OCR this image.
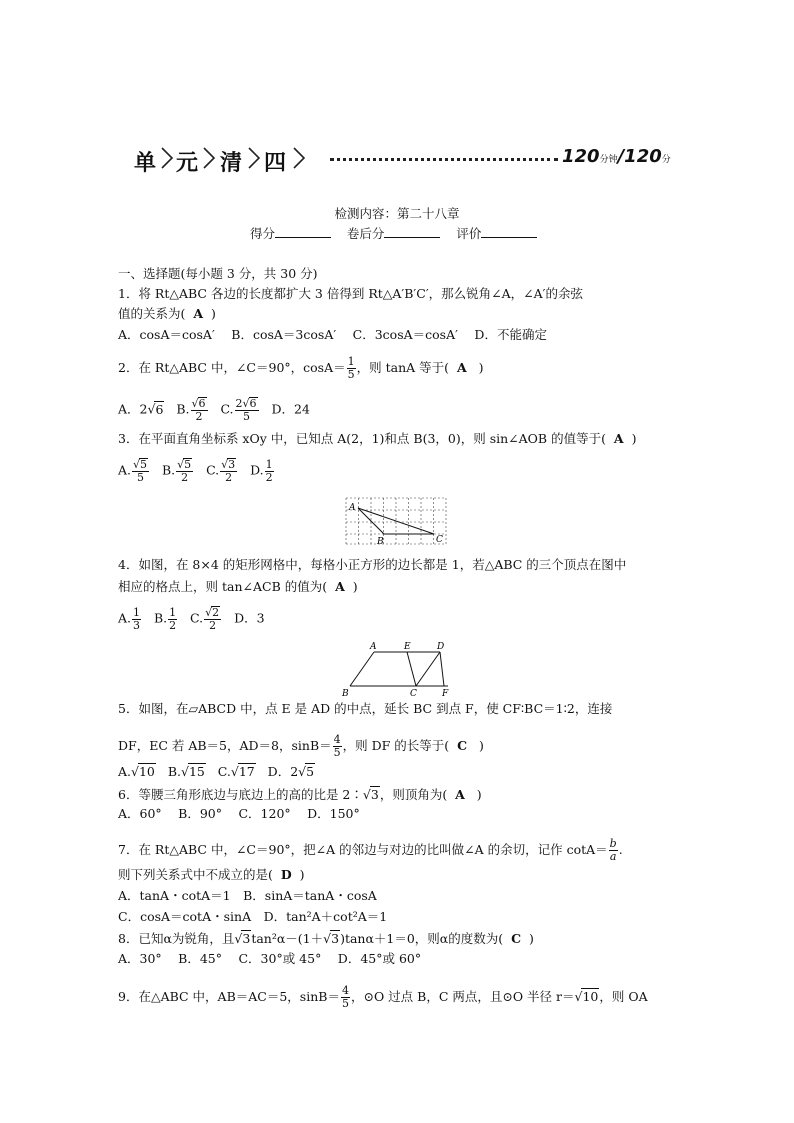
单 元 清 四	120分钟/120分
检测内容：第二十八章
得分	卷后分	评价
一、选择题(每小题 3 分，共 30 分)
1．将 Rt△ABC 各边的长度都扩大 3 倍得到 Rt△A′B′C′，那么锐角∠A，∠A′的余弦
值的关系为( A )
A．cosA＝cosA′　 B．cosA＝3cosA′　 C．3cosA＝cosA′　 D．不能确定
2．在 Rt△ABC 中，∠C＝90°，$\cos A= \frac{1}{5}$ ，则 tanA 等于( A )
A．2√6 B. $\frac{√6}{2} C$. $\frac{2√6}{5}$ D．24
3．在平面直角坐标系 xOy 中，已知点 A(2，1)和点 B(3，0)，则 sin∠AOB 的值等于( A )
A. $\frac{√5}{5} B$. $\frac{√5}{2} C$. $\frac{√3}{2} D$. $\frac{1}{2}$
A
B	C
4．如图，在 8×4 的矩形网格中，每格小正方形的边长都是 1，若△ABC 的三个顶点在图中
相应的格点上，则 tan∠ACB 的值为( A )
A. $\frac{1}{3} B$. $\frac{1}{2} C$. $\frac{√2}{2}$ D．3
A	E	D
B	C	F
5．如图，在▱ABCD 中，点 E 是 AD 的中点，延长 BC 到点 F，使 CF∶BC＝1∶2，连接
DF，EC 若 AB＝5，AD＝8，$\sin B= \frac{4}{5}$ ，则 DF 的长等于( C )
A.√10 B.√15 C.√17 D．2√5
6．等腰三角形底边与底边上的高的比是 2∶√3，则顶角为( A )
A．60°　 B．90°　 C．120°　 D．150°
7．在 Rt△ABC 中，∠C＝90°，把∠A 的邻边与对边的比叫做∠A 的余切，记作 $\cot A= \frac{b}{a}$ .
则下列关系式中不成立的是( D )
A．tanA・cotA＝1　B．sinA＝tanA・cosA
C．cosA＝cotA・sinA　D．tan²A＋cot²A＝1
8．已知α为锐角，且√3tan²α－(1＋√3)tanα＋1＝0，则α的度数为( C )
A．30°　 B．45°　 C．30°或 45°　 D．45°或 60°
9．在△ABC 中，AB＝AC＝5，$\sin B= \frac{4}{5}$ ，⊙O 过点 B，C 两点，且⊙O 半径 r＝√10，则 OA
